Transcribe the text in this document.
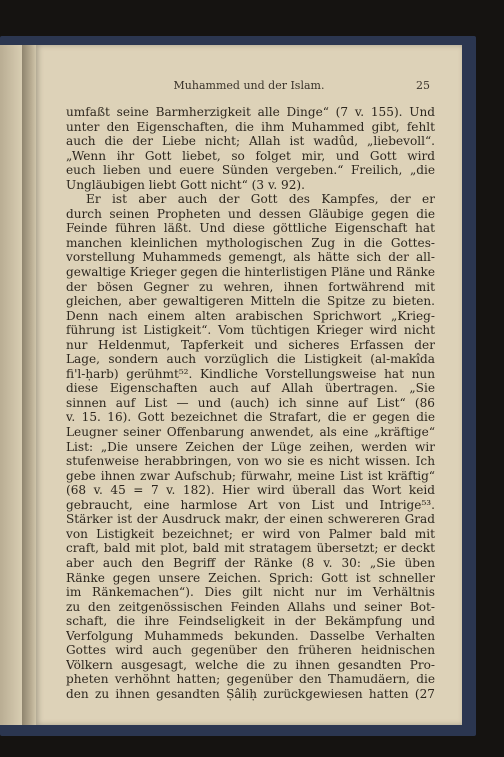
Muhammed und der Islam.	25
umfaßt seine Barmherzigkeit alle Dinge“ (7 v. 155). Und
unter den Eigenschaften, die ihm Muhammed gibt, fehlt
auch die der Liebe nicht; Allah ist wadûd, „liebevoll“.
„Wenn ihr Gott liebet, so folget mir, und Gott wird
euch lieben und euere Sünden vergeben.“ Freilich, „die
Ungläubigen liebt Gott nicht“ (3 v. 92).
Er ist aber auch der Gott des Kampfes, der er
durch seinen Propheten und dessen Gläubige gegen die
Feinde führen läßt. Und diese göttliche Eigenschaft hat
manchen kleinlichen mythologischen Zug in die Gottes-
vorstellung Muhammeds gemengt, als hätte sich der all-
gewaltige Krieger gegen die hinterlistigen Pläne und Ränke
der bösen Gegner zu wehren, ihnen fortwährend mit
gleichen, aber gewaltigeren Mitteln die Spitze zu bieten.
Denn nach einem alten arabischen Sprichwort „Krieg-
führung ist Listigkeit“. Vom tüchtigen Krieger wird nicht
nur Heldenmut, Tapferkeit und sicheres Erfassen der
Lage, sondern auch vorzüglich die Listigkeit (al-makîda
fi'l-ḥarb) gerühmt⁵². Kindliche Vorstellungsweise hat nun
diese Eigenschaften auch auf Allah übertragen. „Sie
sinnen auf List — und (auch) ich sinne auf List“ (86
v. 15. 16). Gott bezeichnet die Strafart, die er gegen die
Leugner seiner Offenbarung anwendet, als eine „kräftige“
List: „Die unsere Zeichen der Lüge zeihen, werden wir
stufenweise herabbringen, von wo sie es nicht wissen. Ich
gebe ihnen zwar Aufschub; fürwahr, meine List ist kräftig“
(68 v. 45 = 7 v. 182). Hier wird überall das Wort keid
gebraucht, eine harmlose Art von List und Intrige⁵³.
Stärker ist der Ausdruck makr, der einen schwereren Grad
von Listigkeit bezeichnet; er wird von Palmer bald mit
craft, bald mit plot, bald mit stratagem übersetzt; er deckt
aber auch den Begriff der Ränke (8 v. 30: „Sie üben
Ränke gegen unsere Zeichen. Sprich: Gott ist schneller
im Ränkemachen“). Dies gilt nicht nur im Verhältnis
zu den zeitgenössischen Feinden Allahs und seiner Bot-
schaft, die ihre Feindseligkeit in der Bekämpfung und
Verfolgung Muhammeds bekunden. Dasselbe Verhalten
Gottes wird auch gegenüber den früheren heidnischen
Völkern ausgesagt, welche die zu ihnen gesandten Pro-
pheten verhöhnt hatten; gegenüber den Thamudäern, die
den zu ihnen gesandten Ṣâliḥ zurückgewiesen hatten (27
